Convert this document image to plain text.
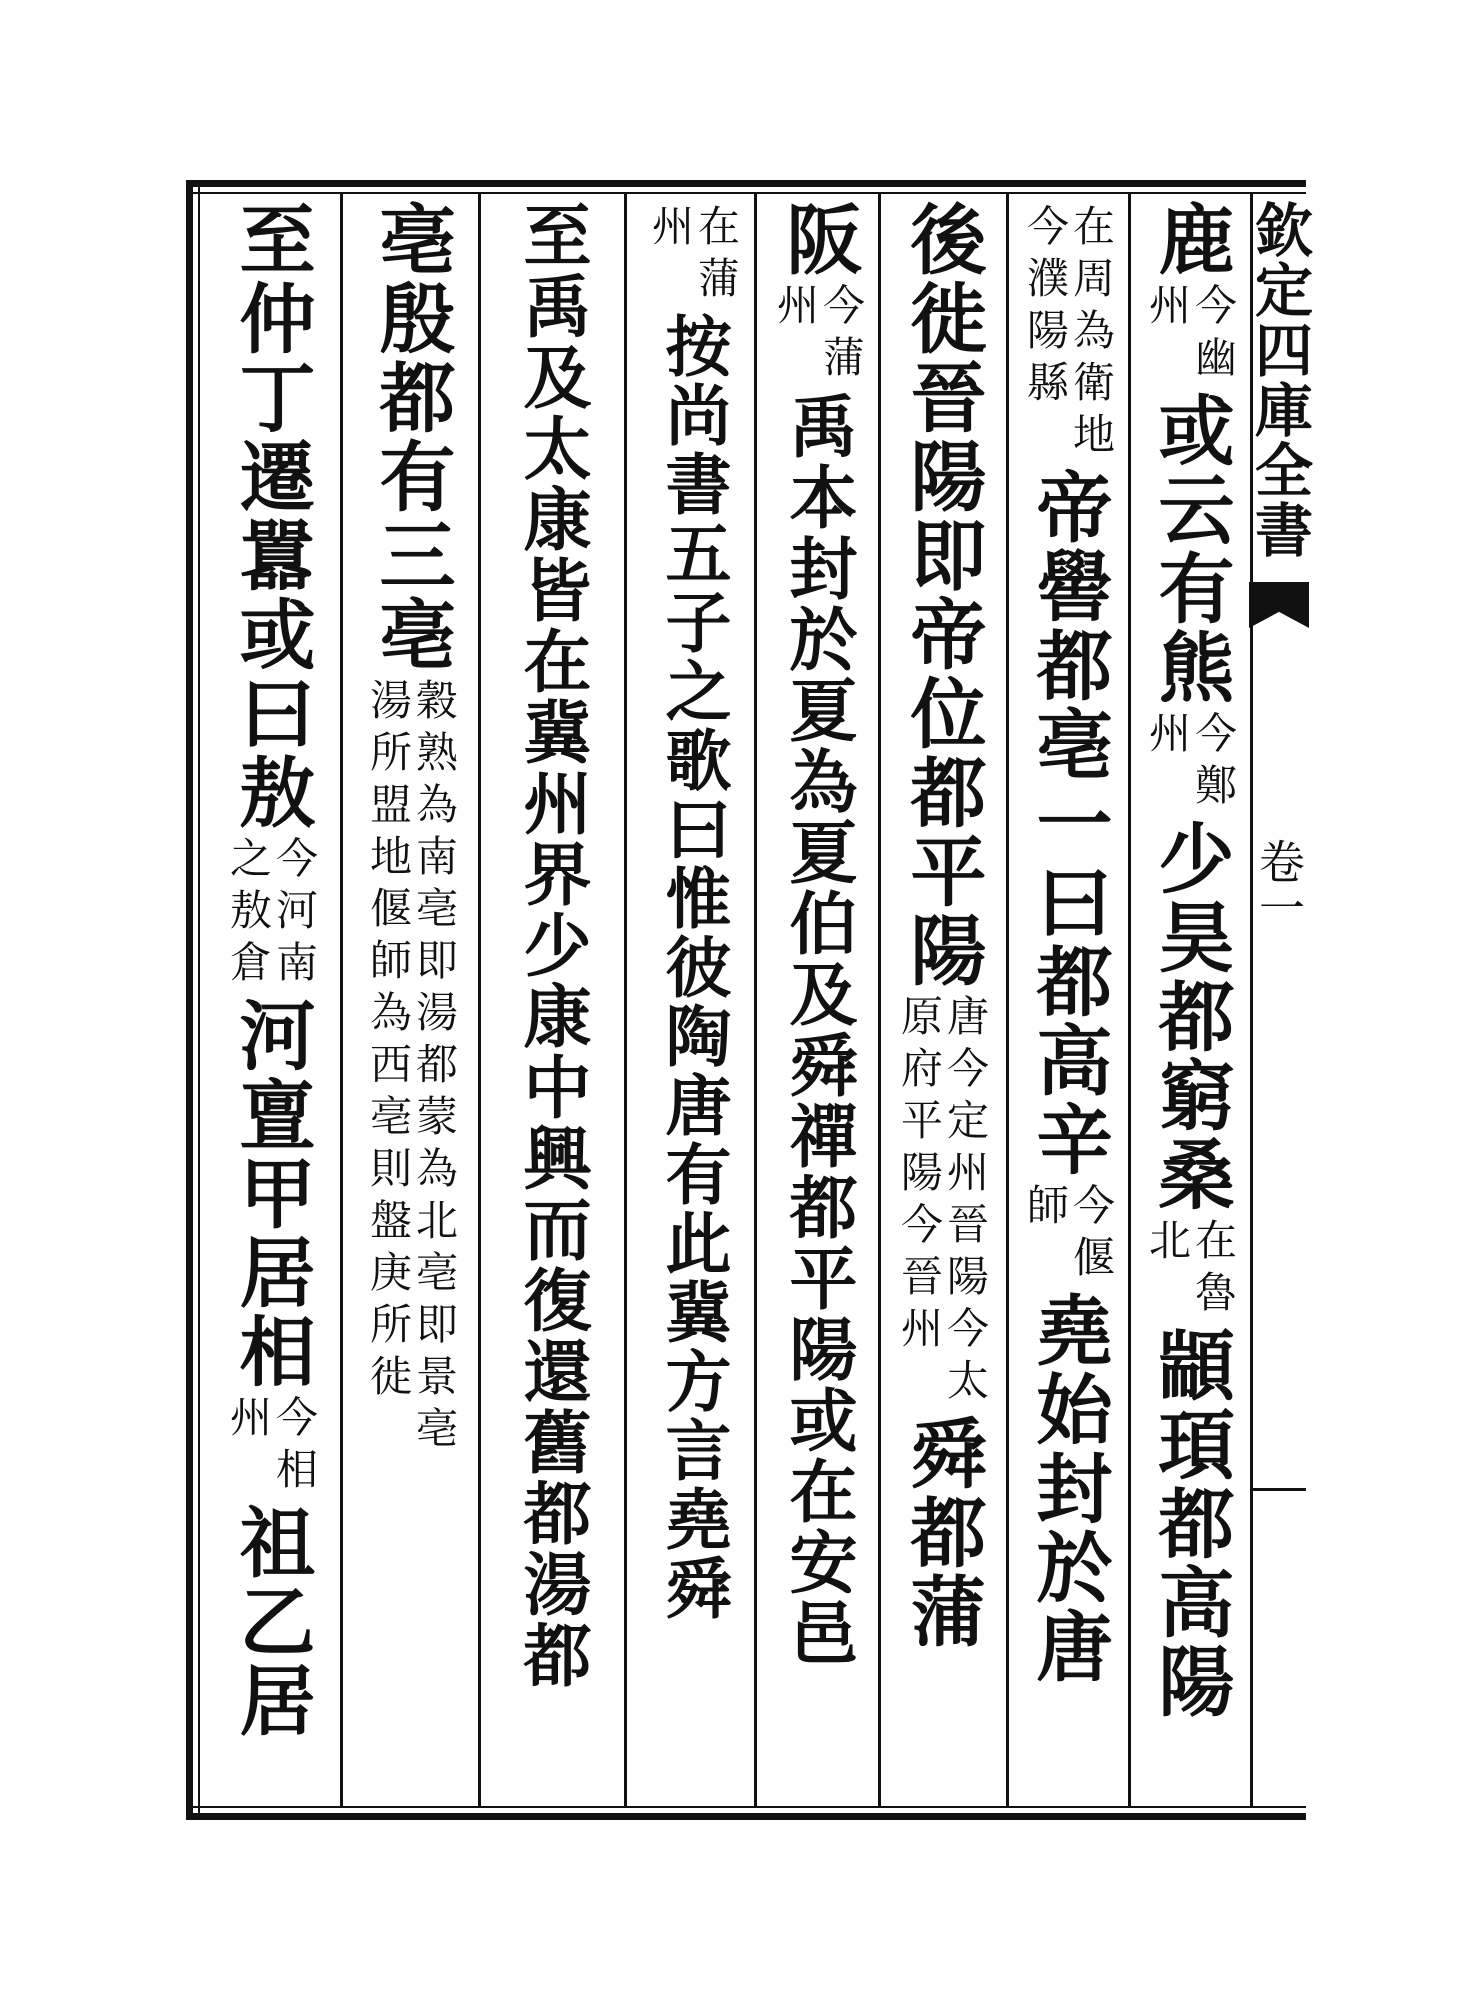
欽定四庫全書
卷一
鹿
今幽
州
或云有熊
今鄭
州
少昊都窮桑
在魯
北
顓頊都高陽
在周為衛地
今濮陽縣
帝嚳都亳一曰都高辛
今偃
師
堯始封於唐
後徙晉陽即帝位都平陽
唐今定州晉陽今太
原府平陽今晉州
舜都蒲
阪
今蒲
州
禹本封於夏為夏伯及舜禪都平陽或在安邑
在蒲
州
按尚書五子之歌曰惟彼陶唐有此冀方言堯舜
至禹及太康皆在冀州界少康中興而復還舊都湯都
亳殷都有三亳
穀熟為南亳即湯都蒙為北亳即景亳
湯所盟地偃師為西亳則盤庚所徙
至仲丁遷囂或曰敖
今河南
之敖倉
河亶甲居相
今相
州
祖乙居
